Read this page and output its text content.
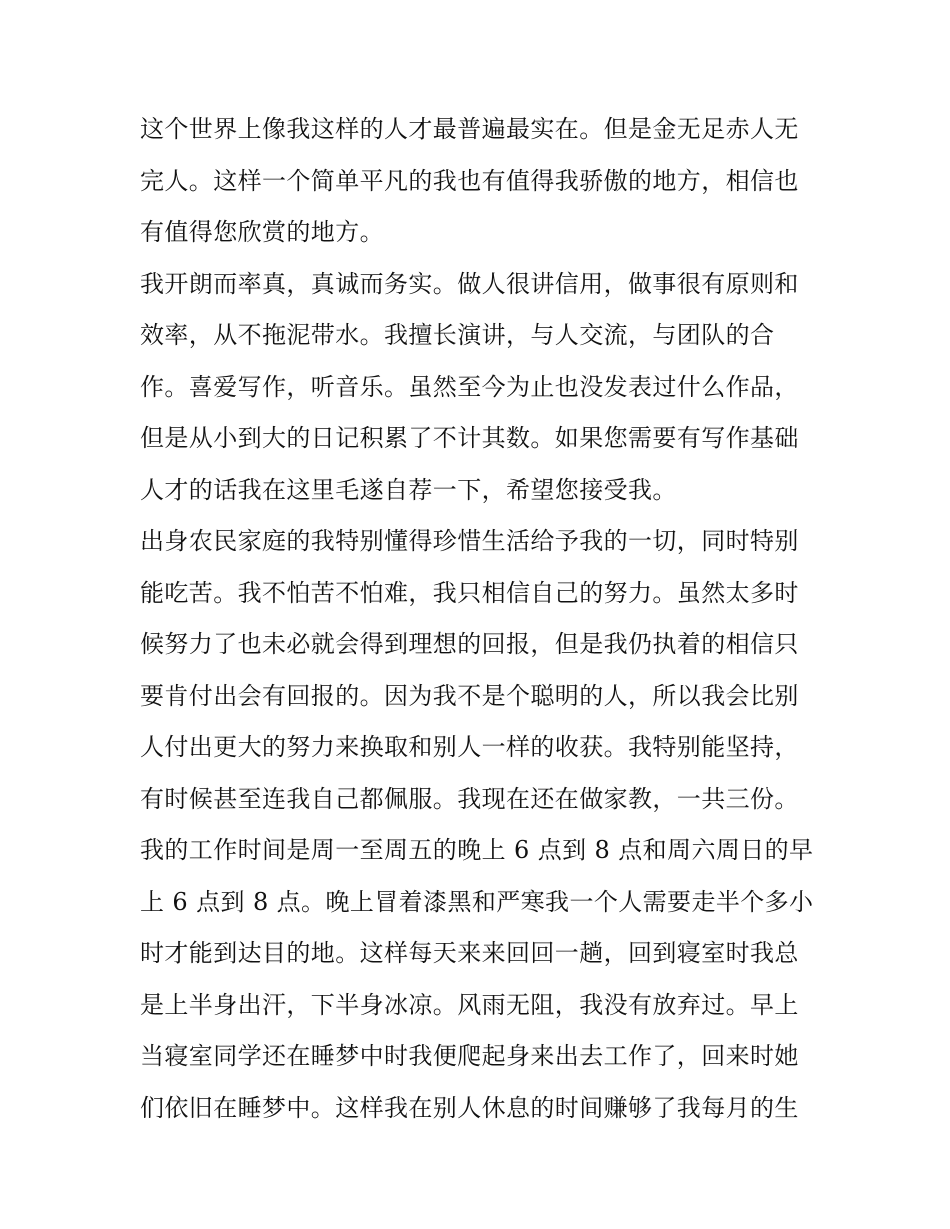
这个世界上像我这样的人才最普遍最实在。但是金无足赤人无
完人。这样一个简单平凡的我也有值得我骄傲的地方，相信也
有值得您欣赏的地方。
我开朗而率真，真诚而务实。做人很讲信用，做事很有原则和
效率，从不拖泥带水。我擅长演讲，与人交流，与团队的合
作。喜爱写作，听音乐。虽然至今为止也没发表过什么作品，
但是从小到大的日记积累了不计其数。如果您需要有写作基础
人才的话我在这里毛遂自荐一下，希望您接受我。
出身农民家庭的我特别懂得珍惜生活给予我的一切，同时特别
能吃苦。我不怕苦不怕难，我只相信自己的努力。虽然太多时
候努力了也未必就会得到理想的回报，但是我仍执着的相信只
要肯付出会有回报的。因为我不是个聪明的人，所以我会比别
人付出更大的努力来换取和别人一样的收获。我特别能坚持，
有时候甚至连我自己都佩服。我现在还在做家教，一共三份。
我的工作时间是周一至周五的晚上 6 点到 8 点和周六周日的早
上 6 点到 8 点。晚上冒着漆黑和严寒我一个人需要走半个多小
时才能到达目的地。这样每天来来回回一趟，回到寝室时我总
是上半身出汗，下半身冰凉。风雨无阻，我没有放弃过。早上
当寝室同学还在睡梦中时我便爬起身来出去工作了，回来时她
们依旧在睡梦中。这样我在别人休息的时间赚够了我每月的生
